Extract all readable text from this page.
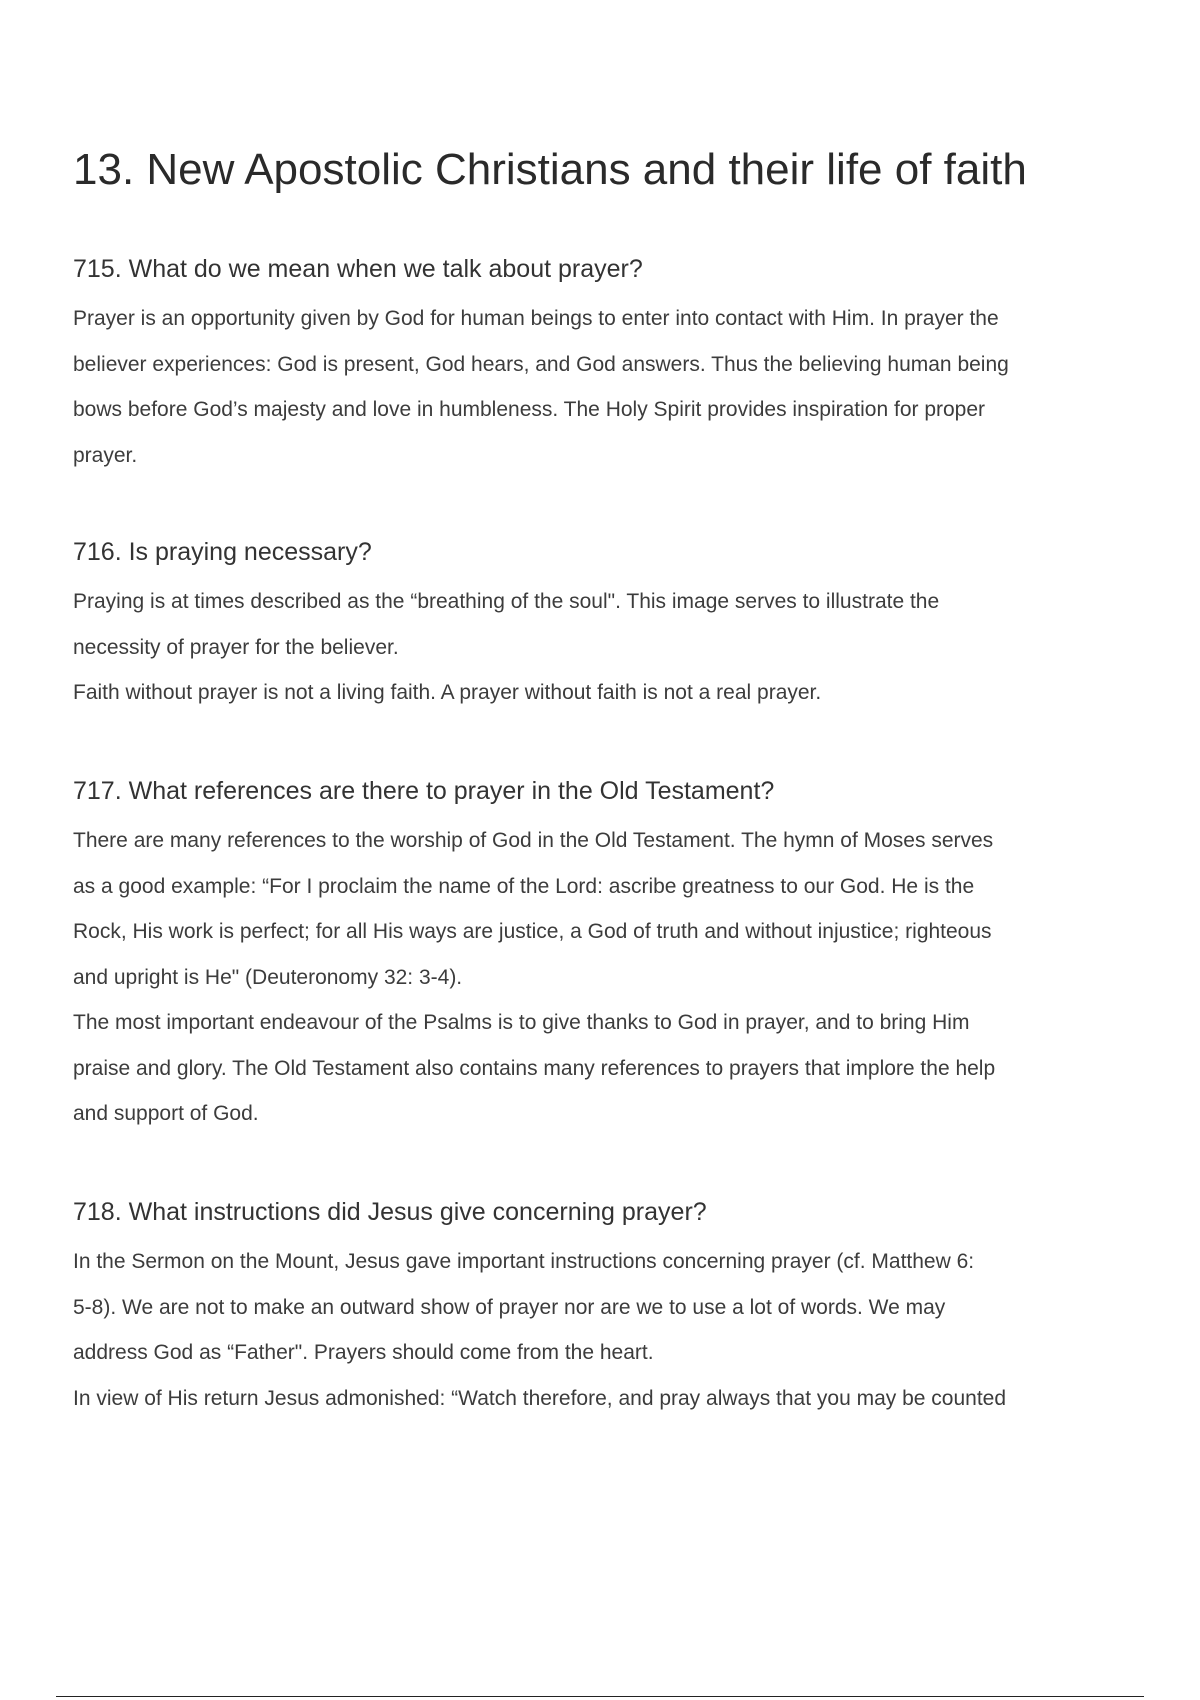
13. New Apostolic Christians and their life of faith
715. What do we mean when we talk about prayer?

Prayer is an opportunity given by God for human beings to enter into contact with Him. In prayer the

believer experiences: God is present, God hears, and God answers. Thus the believing human being

bows before God’s majesty and love in humbleness. The Holy Spirit provides inspiration for proper

prayer.

716. Is praying necessary?

Praying is at times described as the “breathing of the soul". This image serves to illustrate the

necessity of prayer for the believer.

Faith without prayer is not a living faith. A prayer without faith is not a real prayer.

717. What references are there to prayer in the Old Testament?

There are many references to the worship of God in the Old Testament. The hymn of Moses serves

as a good example: “For I proclaim the name of the Lord: ascribe greatness to our God. He is the

Rock, His work is perfect; for all His ways are justice, a God of truth and without injustice; righteous

and upright is He" (Deuteronomy 32: 3-4).

The most important endeavour of the Psalms is to give thanks to God in prayer, and to bring Him

praise and glory. The Old Testament also contains many references to prayers that implore the help

and support of God.

718. What instructions did Jesus give concerning prayer?

In the Sermon on the Mount, Jesus gave important instructions concerning prayer (cf. Matthew 6:

5-8). We are not to make an outward show of prayer nor are we to use a lot of words. We may

address God as “Father". Prayers should come from the heart.

In view of His return Jesus admonished: “Watch therefore, and pray always that you may be counted
